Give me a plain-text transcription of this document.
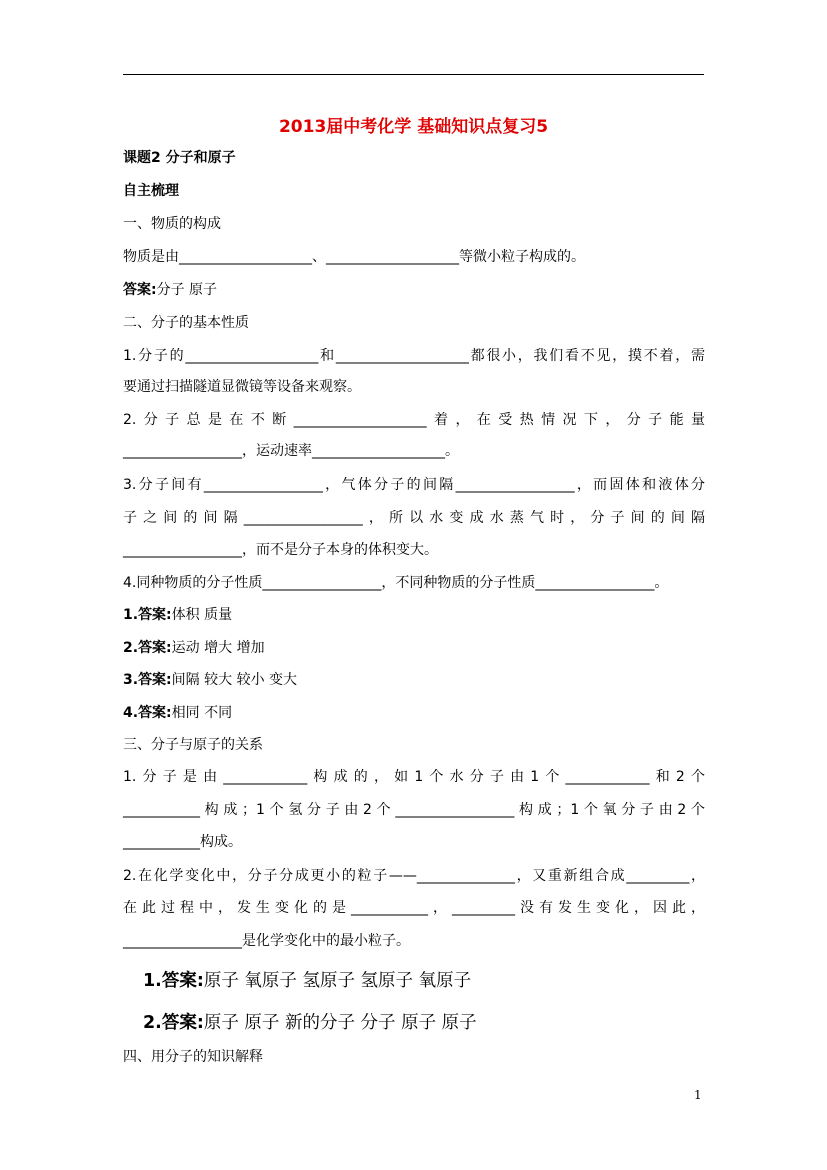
2013届中考化学 基础知识点复习5
课题2 分子和原子
自主梳理
一、物质的构成
物质是由___________________、___________________等微小粒子构成的。
答案:分子 原子
二、分子的基本性质
1.分子的___________________和___________________都很小，我们看不见，摸不着，需
要通过扫描隧道显微镜等设备来观察。
2.分子总是在不断___________________着，在受热情况下，分子能量
_________________，运动速率___________________。
3.分子间有_________________，气体分子的间隔_________________，而固体和液体分
子之间的间隔_________________，所以水变成水蒸气时，分子间的间隔
_________________，而不是分子本身的体积变大。
4.同种物质的分子性质_________________，不同种物质的分子性质_________________。
1.答案:体积 质量
2.答案:运动 增大 增加
3.答案:间隔 较大 较小 变大
4.答案:相同 不同
三、分子与原子的关系
1.分子是由____________构成的，如1个水分子由1个____________和2个
___________构成；1个氢分子由2个_________________构成；1个氧分子由2个
___________构成。
2.在化学变化中，分子分成更小的粒子——______________，又重新组合成_________，
在此过程中，发生变化的是___________，_________没有发生变化，因此，
_________________是化学变化中的最小粒子。
1.答案:原子 氧原子 氢原子 氢原子 氧原子
2.答案:原子 原子 新的分子 分子 原子 原子
四、用分子的知识解释
1
